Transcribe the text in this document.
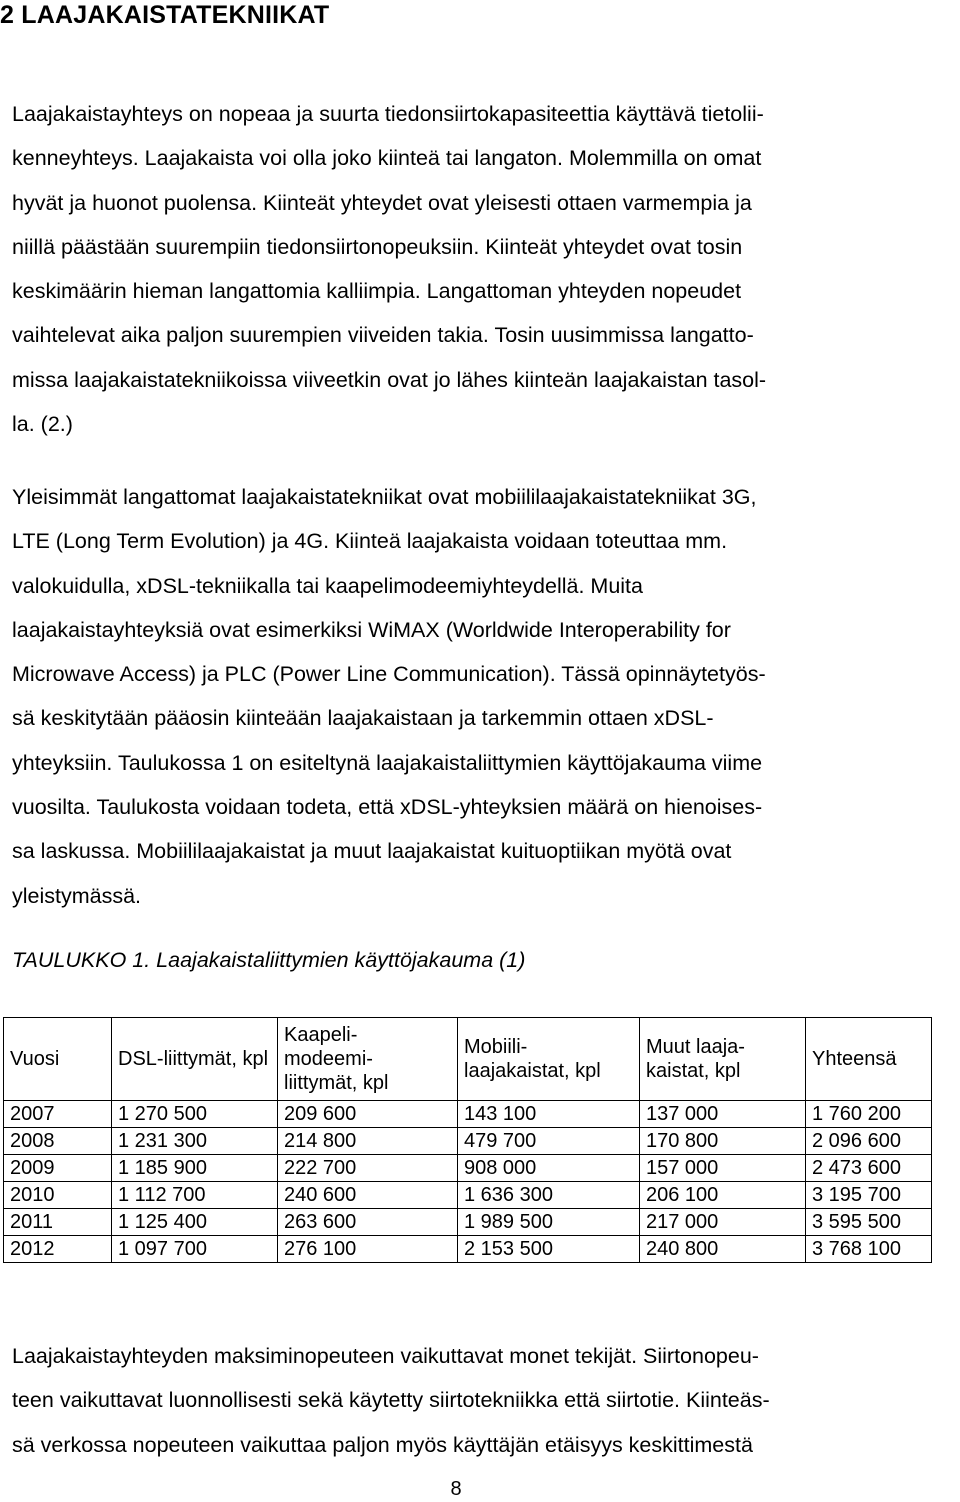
2 LAAJAKAISTATEKNIIKAT

Laajakaistayhteys on nopeaa ja suurta tiedonsiirtokapasiteettia käyttävä tietolii-
kenneyhteys. Laajakaista voi olla joko kiinteä tai langaton. Molemmilla on omat
hyvät ja huonot puolensa. Kiinteät yhteydet ovat yleisesti ottaen varmempia ja
niillä päästään suurempiin tiedonsiirtonopeuksiin. Kiinteät yhteydet ovat tosin
keskimäärin hieman langattomia kalliimpia. Langattoman yhteyden nopeudet
vaihtelevat aika paljon suurempien viiveiden takia. Tosin uusimmissa langatto-
missa laajakaistatekniikoissa viiveetkin ovat jo lähes kiinteän laajakaistan tasol-
la. (2.)

Yleisimmät langattomat laajakaistatekniikat ovat mobiililaajakaistatekniikat 3G,
LTE (Long Term Evolution) ja 4G. Kiinteä laajakaista voidaan toteuttaa mm.
valokuidulla, xDSL-tekniikalla tai kaapelimodeemiyhteydellä. Muita
laajakaistayhteyksiä ovat esimerkiksi WiMAX (Worldwide Interoperability for
Microwave Access) ja PLC (Power Line Communication). Tässä opinnäytetyös-
sä keskitytään pääosin kiinteään laajakaistaan ja tarkemmin ottaen xDSL-
yhteyksiin. Taulukossa 1 on esiteltynä laajakaistaliittymien käyttöjakauma viime
vuosilta. Taulukosta voidaan todeta, että xDSL-yhteyksien määrä on hienoises-
sa laskussa. Mobiililaajakaistat ja muut laajakaistat kuituoptiikan myötä ovat
yleistymässä.

TAULUKKO 1. Laajakaistaliittymien käyttöjakauma (1)

Vuosi	DSL-liittymät, kpl	Kaapeli- modeemi- liittymät, kpl	Mobiili- laajakaistat, kpl	Muut laaja- kaistat, kpl	Yhteensä
2007	1 270 500	209 600	143 100	137 000	1 760 200
2008	1 231 300	214 800	479 700	170 800	2 096 600
2009	1 185 900	222 700	908 000	157 000	2 473 600
2010	1 112 700	240 600	1 636 300	206 100	3 195 700
2011	1 125 400	263 600	1 989 500	217 000	3 595 500
2012	1 097 700	276 100	2 153 500	240 800	3 768 100

Laajakaistayhteyden maksiminopeuteen vaikuttavat monet tekijät. Siirtonopeu-
teen vaikuttavat luonnollisesti sekä käytetty siirtotekniikka että siirtotie. Kiinteäs-
sä verkossa nopeuteen vaikuttaa paljon myös käyttäjän etäisyys keskittimestä

8
